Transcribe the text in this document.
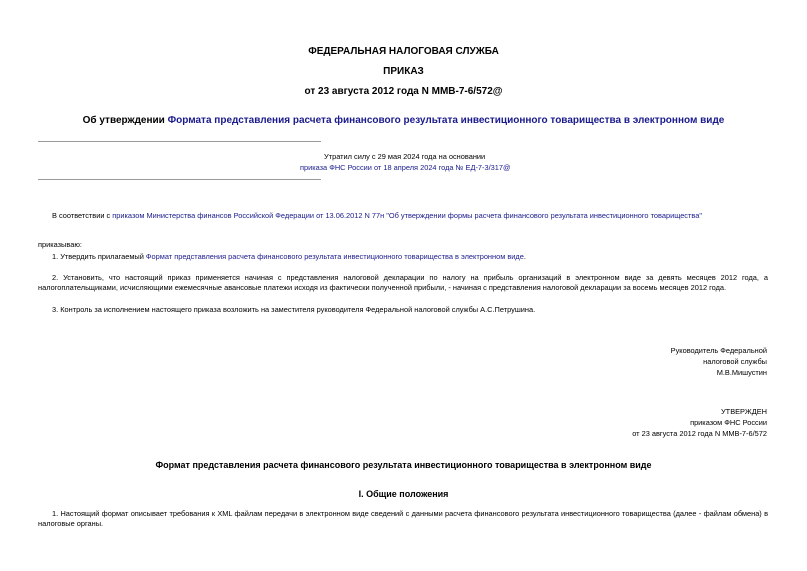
ФЕДЕРАЛЬНАЯ НАЛОГОВАЯ СЛУЖБА
ПРИКАЗ
от 23 августа 2012 года N ММВ-7-6/572@
Об утверждении Формата представления расчета финансового результата инвестиционного товарищества в электронном виде
Утратил силу с 29 мая 2024 года на основании
приказа ФНС России от 18 апреля 2024 года № ЕД-7-3/317@
В соответствии с приказом Министерства финансов Российской Федерации от 13.06.2012 N 77н "Об утверждении формы расчета финансового результата инвестиционного товарищества"
приказываю:
1. Утвердить прилагаемый Формат представления расчета финансового результата инвестиционного товарищества в электронном виде.
2. Установить, что настоящий приказ применяется начиная с представления налоговой декларации по налогу на прибыль организаций в электронном виде за девять месяцев 2012 года, а налогоплательщиками, исчисляющими ежемесячные авансовые платежи исходя из фактически полученной прибыли, - начиная с представления налоговой декларации за восемь месяцев 2012 года.
3. Контроль за исполнением настоящего приказа возложить на заместителя руководителя Федеральной налоговой службы А.С.Петрушина.
Руководитель Федеральной
налоговой службы
М.В.Мишустин
УТВЕРЖДЕН
приказом ФНС России
от 23 августа 2012 года N ММВ-7-6/572
Формат представления расчета финансового результата инвестиционного товарищества в электронном виде
I. Общие положения
1. Настоящий формат описывает требования к XML файлам передачи в электронном виде сведений с данными расчета финансового результата инвестиционного товарищества (далее - файлам обмена) в налоговые органы.
